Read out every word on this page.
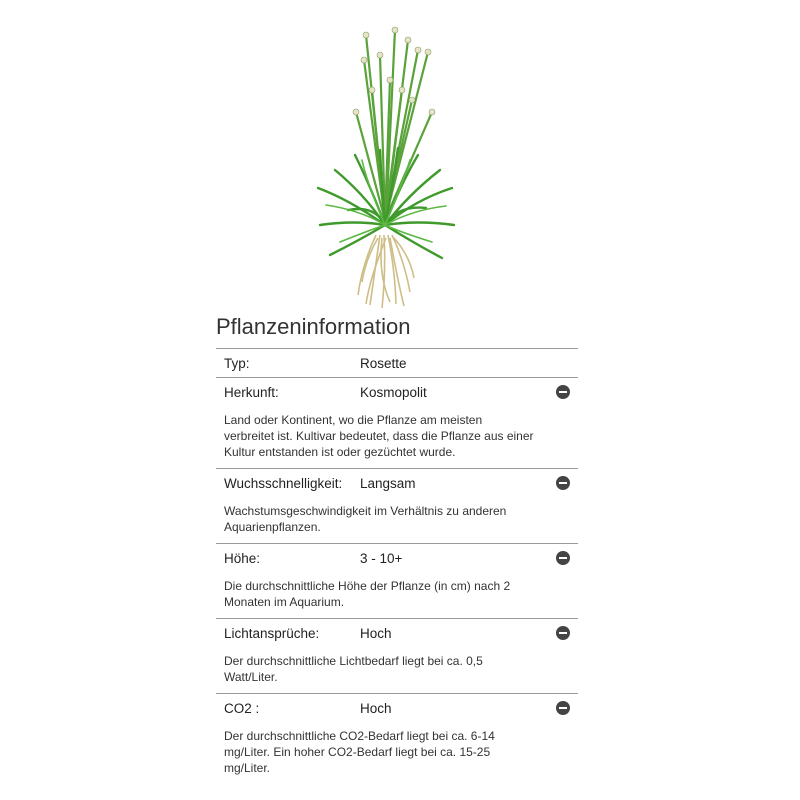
Pflanzeninformation
Typ:	Rosette
Herkunft:	Kosmopolit
Land oder Kontinent, wo die Pflanze am meisten verbreitet ist. Kultivar bedeutet, dass die Pflanze aus einer Kultur entstanden ist oder gezüchtet wurde.
Wuchsschnelligkeit:	Langsam
Wachstumsgeschwindigkeit im Verhältnis zu anderen Aquarienpflanzen.
Höhe:	3 - 10+
Die durchschnittliche Höhe der Pflanze (in cm) nach 2 Monaten im Aquarium.
Lichtansprüche:	Hoch
Der durchschnittliche Lichtbedarf liegt bei ca. 0,5 Watt/Liter.
CO2 :	Hoch
Der durchschnittliche CO2-Bedarf liegt bei ca. 6-14 mg/Liter. Ein hoher CO2-Bedarf liegt bei ca. 15-25 mg/Liter.
